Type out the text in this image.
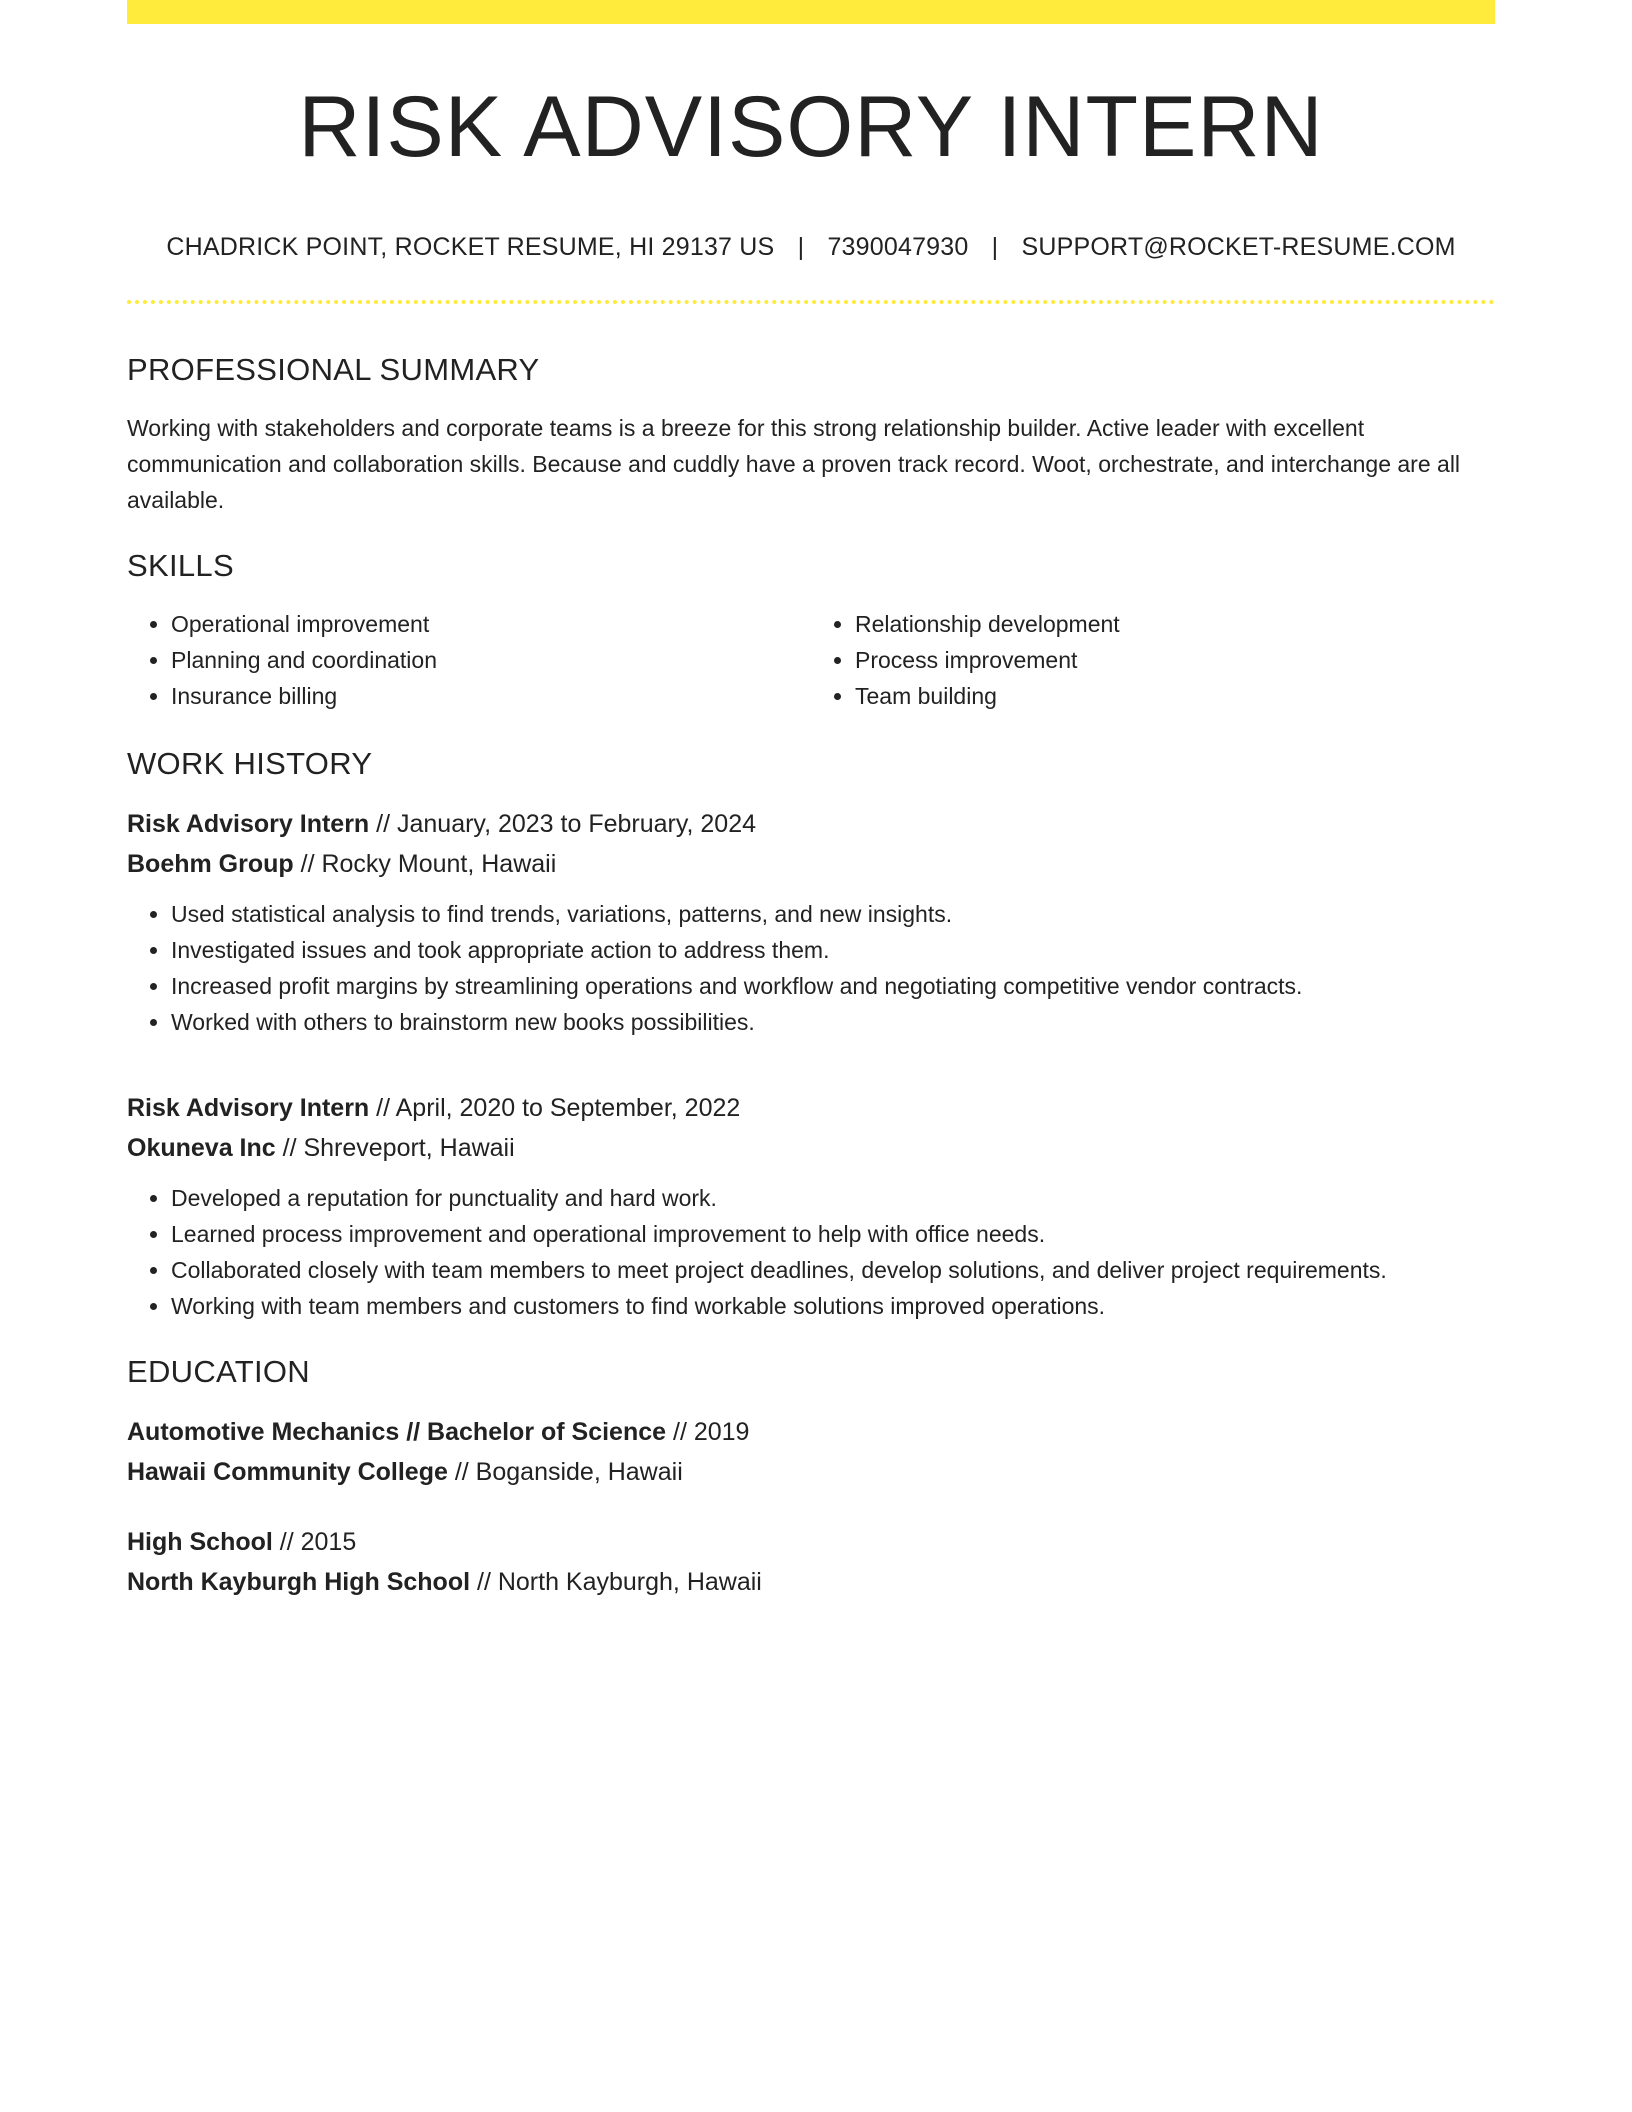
RISK ADVISORY INTERN
CHADRICK POINT, ROCKET RESUME, HI 29137 US | 7390047930 | SUPPORT@ROCKET-RESUME.COM
PROFESSIONAL SUMMARY
Working with stakeholders and corporate teams is a breeze for this strong relationship builder. Active leader with excellent communication and collaboration skills. Because and cuddly have a proven track record. Woot, orchestrate, and interchange are all available.
SKILLS
• Operational improvement
• Planning and coordination
• Insurance billing
• Relationship development
• Process improvement
• Team building
WORK HISTORY
Risk Advisory Intern // January, 2023 to February, 2024
Boehm Group // Rocky Mount, Hawaii
• Used statistical analysis to find trends, variations, patterns, and new insights.
• Investigated issues and took appropriate action to address them.
• Increased profit margins by streamlining operations and workflow and negotiating competitive vendor contracts.
• Worked with others to brainstorm new books possibilities.
Risk Advisory Intern // April, 2020 to September, 2022
Okuneva Inc // Shreveport, Hawaii
• Developed a reputation for punctuality and hard work.
• Learned process improvement and operational improvement to help with office needs.
• Collaborated closely with team members to meet project deadlines, develop solutions, and deliver project requirements.
• Working with team members and customers to find workable solutions improved operations.
EDUCATION
Automotive Mechanics // Bachelor of Science // 2019
Hawaii Community College // Boganside, Hawaii
High School // 2015
North Kayburgh High School // North Kayburgh, Hawaii
